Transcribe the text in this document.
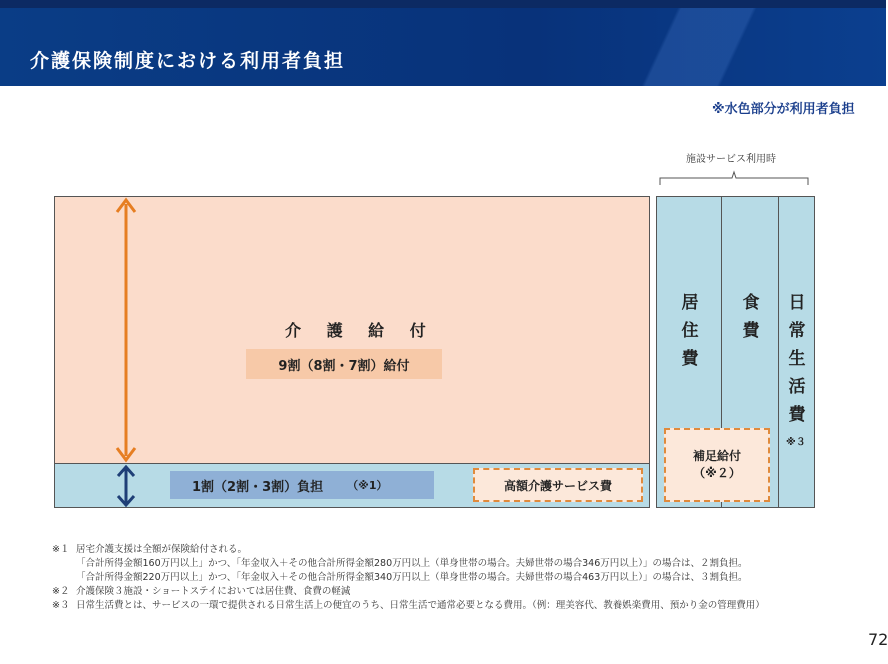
介護保険制度における利用者負担
※水色部分が利用者負担
施設サービス利用時
介 護 給 付
9割（8割・7割）給付
1割（2割・3割）負担 （※1）	高額介護サービス費
居住費
食費
日常生活費
※３
補足給付
（※２）
※１ 居宅介護支援は全額が保険給付される。
「合計所得金額160万円以上」かつ、「年金収入＋その他合計所得金額280万円以上（単身世帯の場合。夫婦世帯の場合346万円以上）」の場合は、２割負担。
「合計所得金額220万円以上」かつ、「年金収入＋その他合計所得金額340万円以上（単身世帯の場合。夫婦世帯の場合463万円以上）」の場合は、３割負担。
※２ 介護保険３施設・ショートステイにおいては居住費、食費の軽減
※３ 日常生活費とは、サービスの一環で提供される日常生活上の便宜のうち、日常生活で通常必要となる費用。（例：理美容代、教養娯楽費用、預かり金の管理費用）
72
